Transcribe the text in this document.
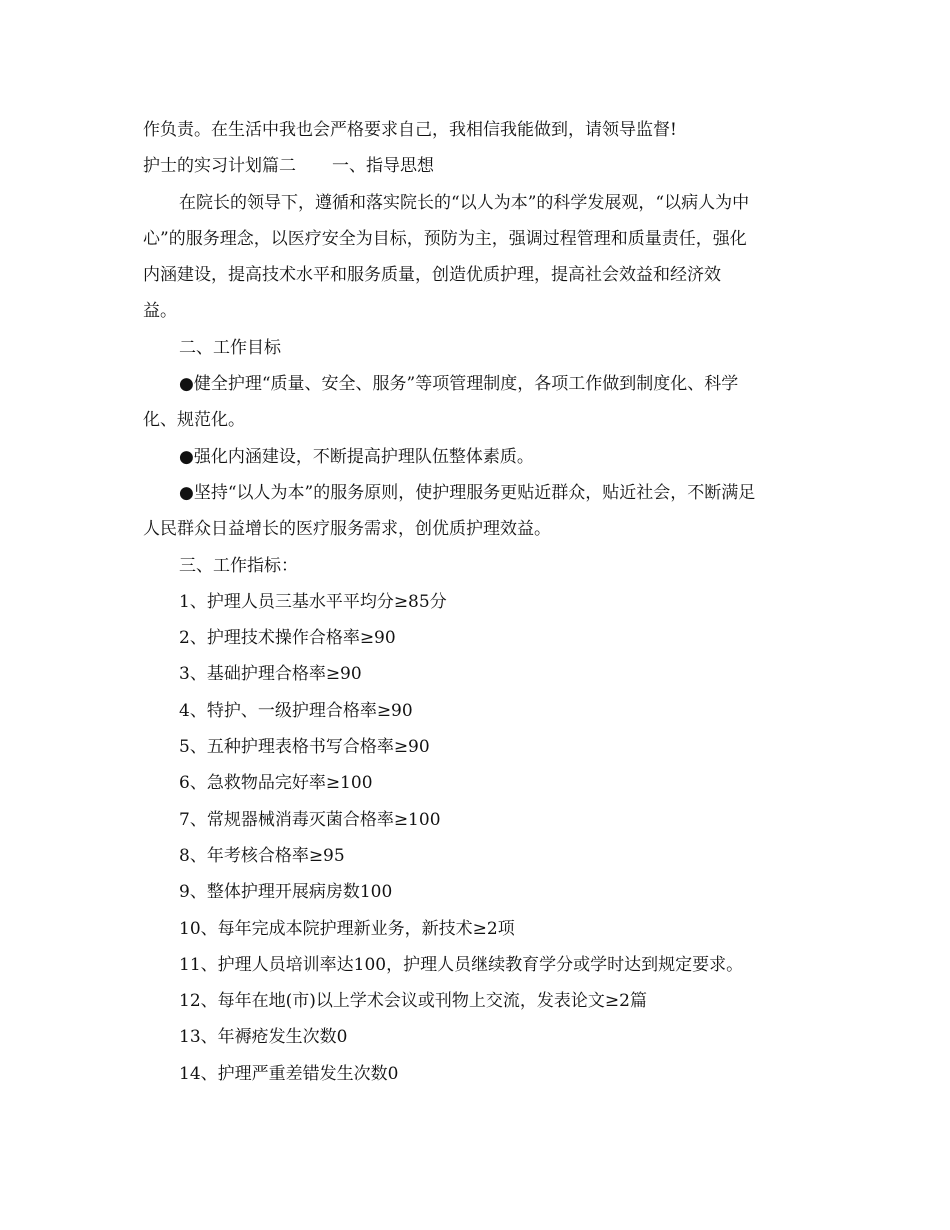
作负责。在生活中我也会严格要求自己，我相信我能做到，请领导监督!
护士的实习计划篇二 一、指导思想
在院长的领导下，遵循和落实院长的“以人为本”的科学发展观，“以病人为中
心”的服务理念，以医疗安全为目标，预防为主，强调过程管理和质量责任，强化
内涵建设，提高技术水平和服务质量，创造优质护理，提高社会效益和经济效
益。
二、工作目标
●健全护理“质量、安全、服务”等项管理制度，各项工作做到制度化、科学
化、规范化。
●强化内涵建设，不断提高护理队伍整体素质。
●坚持“以人为本”的服务原则，使护理服务更贴近群众，贴近社会，不断满足
人民群众日益增长的医疗服务需求，创优质护理效益。
三、工作指标：
1、护理人员三基水平平均分≥85分
2、护理技术操作合格率≥90
3、基础护理合格率≥90
4、特护、一级护理合格率≥90
5、五种护理表格书写合格率≥90
6、急救物品完好率≥100
7、常规器械消毒灭菌合格率≥100
8、年考核合格率≥95
9、整体护理开展病房数100
10、每年完成本院护理新业务，新技术≥2项
11、护理人员培训率达100，护理人员继续教育学分或学时达到规定要求。
12、每年在地(市)以上学术会议或刊物上交流，发表论文≥2篇
13、年褥疮发生次数0
14、护理严重差错发生次数0
